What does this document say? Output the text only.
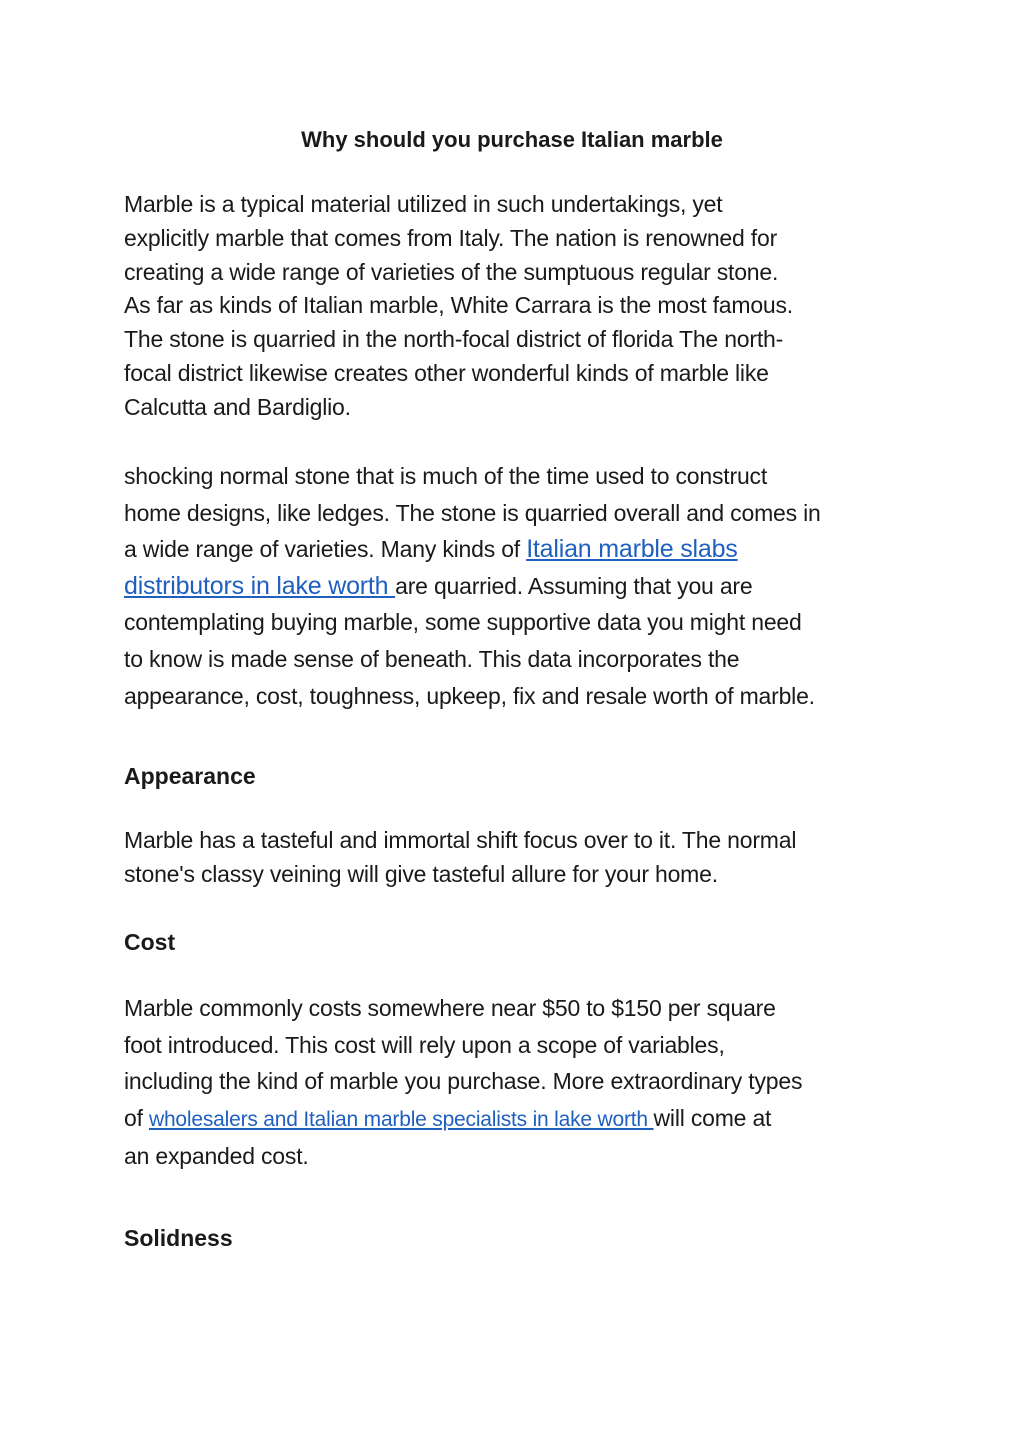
Why should you purchase Italian marble

Marble is a typical material utilized in such undertakings, yet
explicitly marble that comes from Italy. The nation is renowned for
creating a wide range of varieties of the sumptuous regular stone.
As far as kinds of Italian marble, White Carrara is the most famous.
The stone is quarried in the north-focal district of florida The north-
focal district likewise creates other wonderful kinds of marble like
Calcutta and Bardiglio.

shocking normal stone that is much of the time used to construct
home designs, like ledges. The stone is quarried overall and comes in
a wide range of varieties. Many kinds of Italian marble slabs
distributors in lake worth are quarried. Assuming that you are
contemplating buying marble, some supportive data you might need
to know is made sense of beneath. This data incorporates the
appearance, cost, toughness, upkeep, fix and resale worth of marble.

Appearance

Marble has a tasteful and immortal shift focus over to it. The normal
stone's classy veining will give tasteful allure for your home.

Cost

Marble commonly costs somewhere near $50 to $150 per square
foot introduced. This cost will rely upon a scope of variables,
including the kind of marble you purchase. More extraordinary types
of wholesalers and Italian marble specialists in lake worth will come at
an expanded cost.

Solidness
